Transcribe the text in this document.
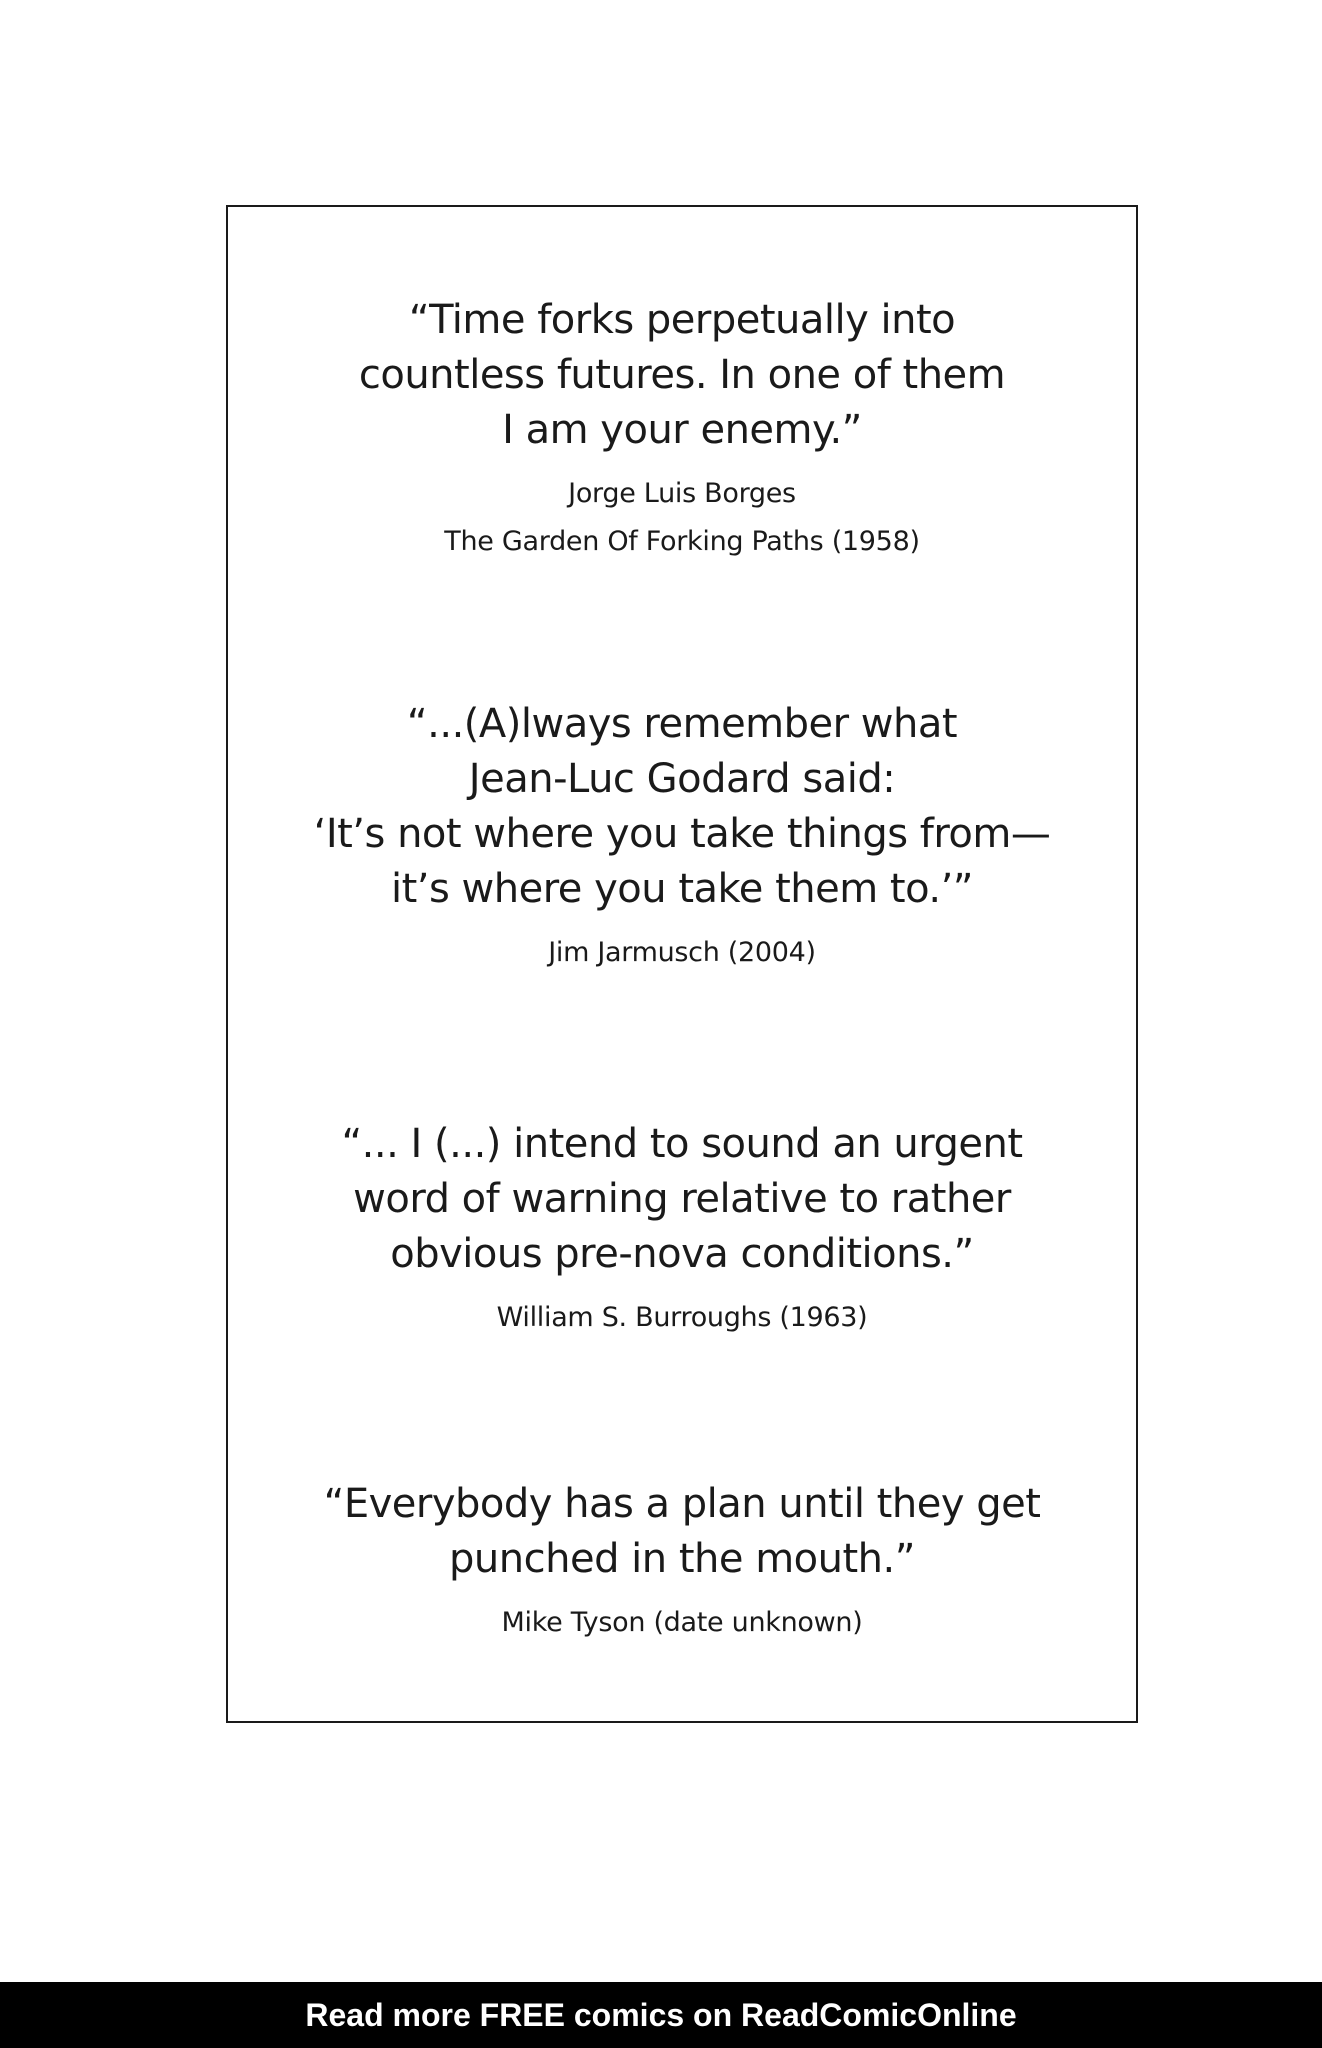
“Time forks perpetually into
countless futures. In one of them
I am your enemy.”
Jorge Luis Borges
The Garden Of Forking Paths (1958)
“...(A)lways remember what
Jean-Luc Godard said:
‘It’s not where you take things from—
it’s where you take them to.’”
Jim Jarmusch (2004)
“... I (...) intend to sound an urgent
word of warning relative to rather
obvious pre-nova conditions.”
William S. Burroughs (1963)
“Everybody has a plan until they get
punched in the mouth.”
Mike Tyson (date unknown)
Read more FREE comics on ReadComicOnline
